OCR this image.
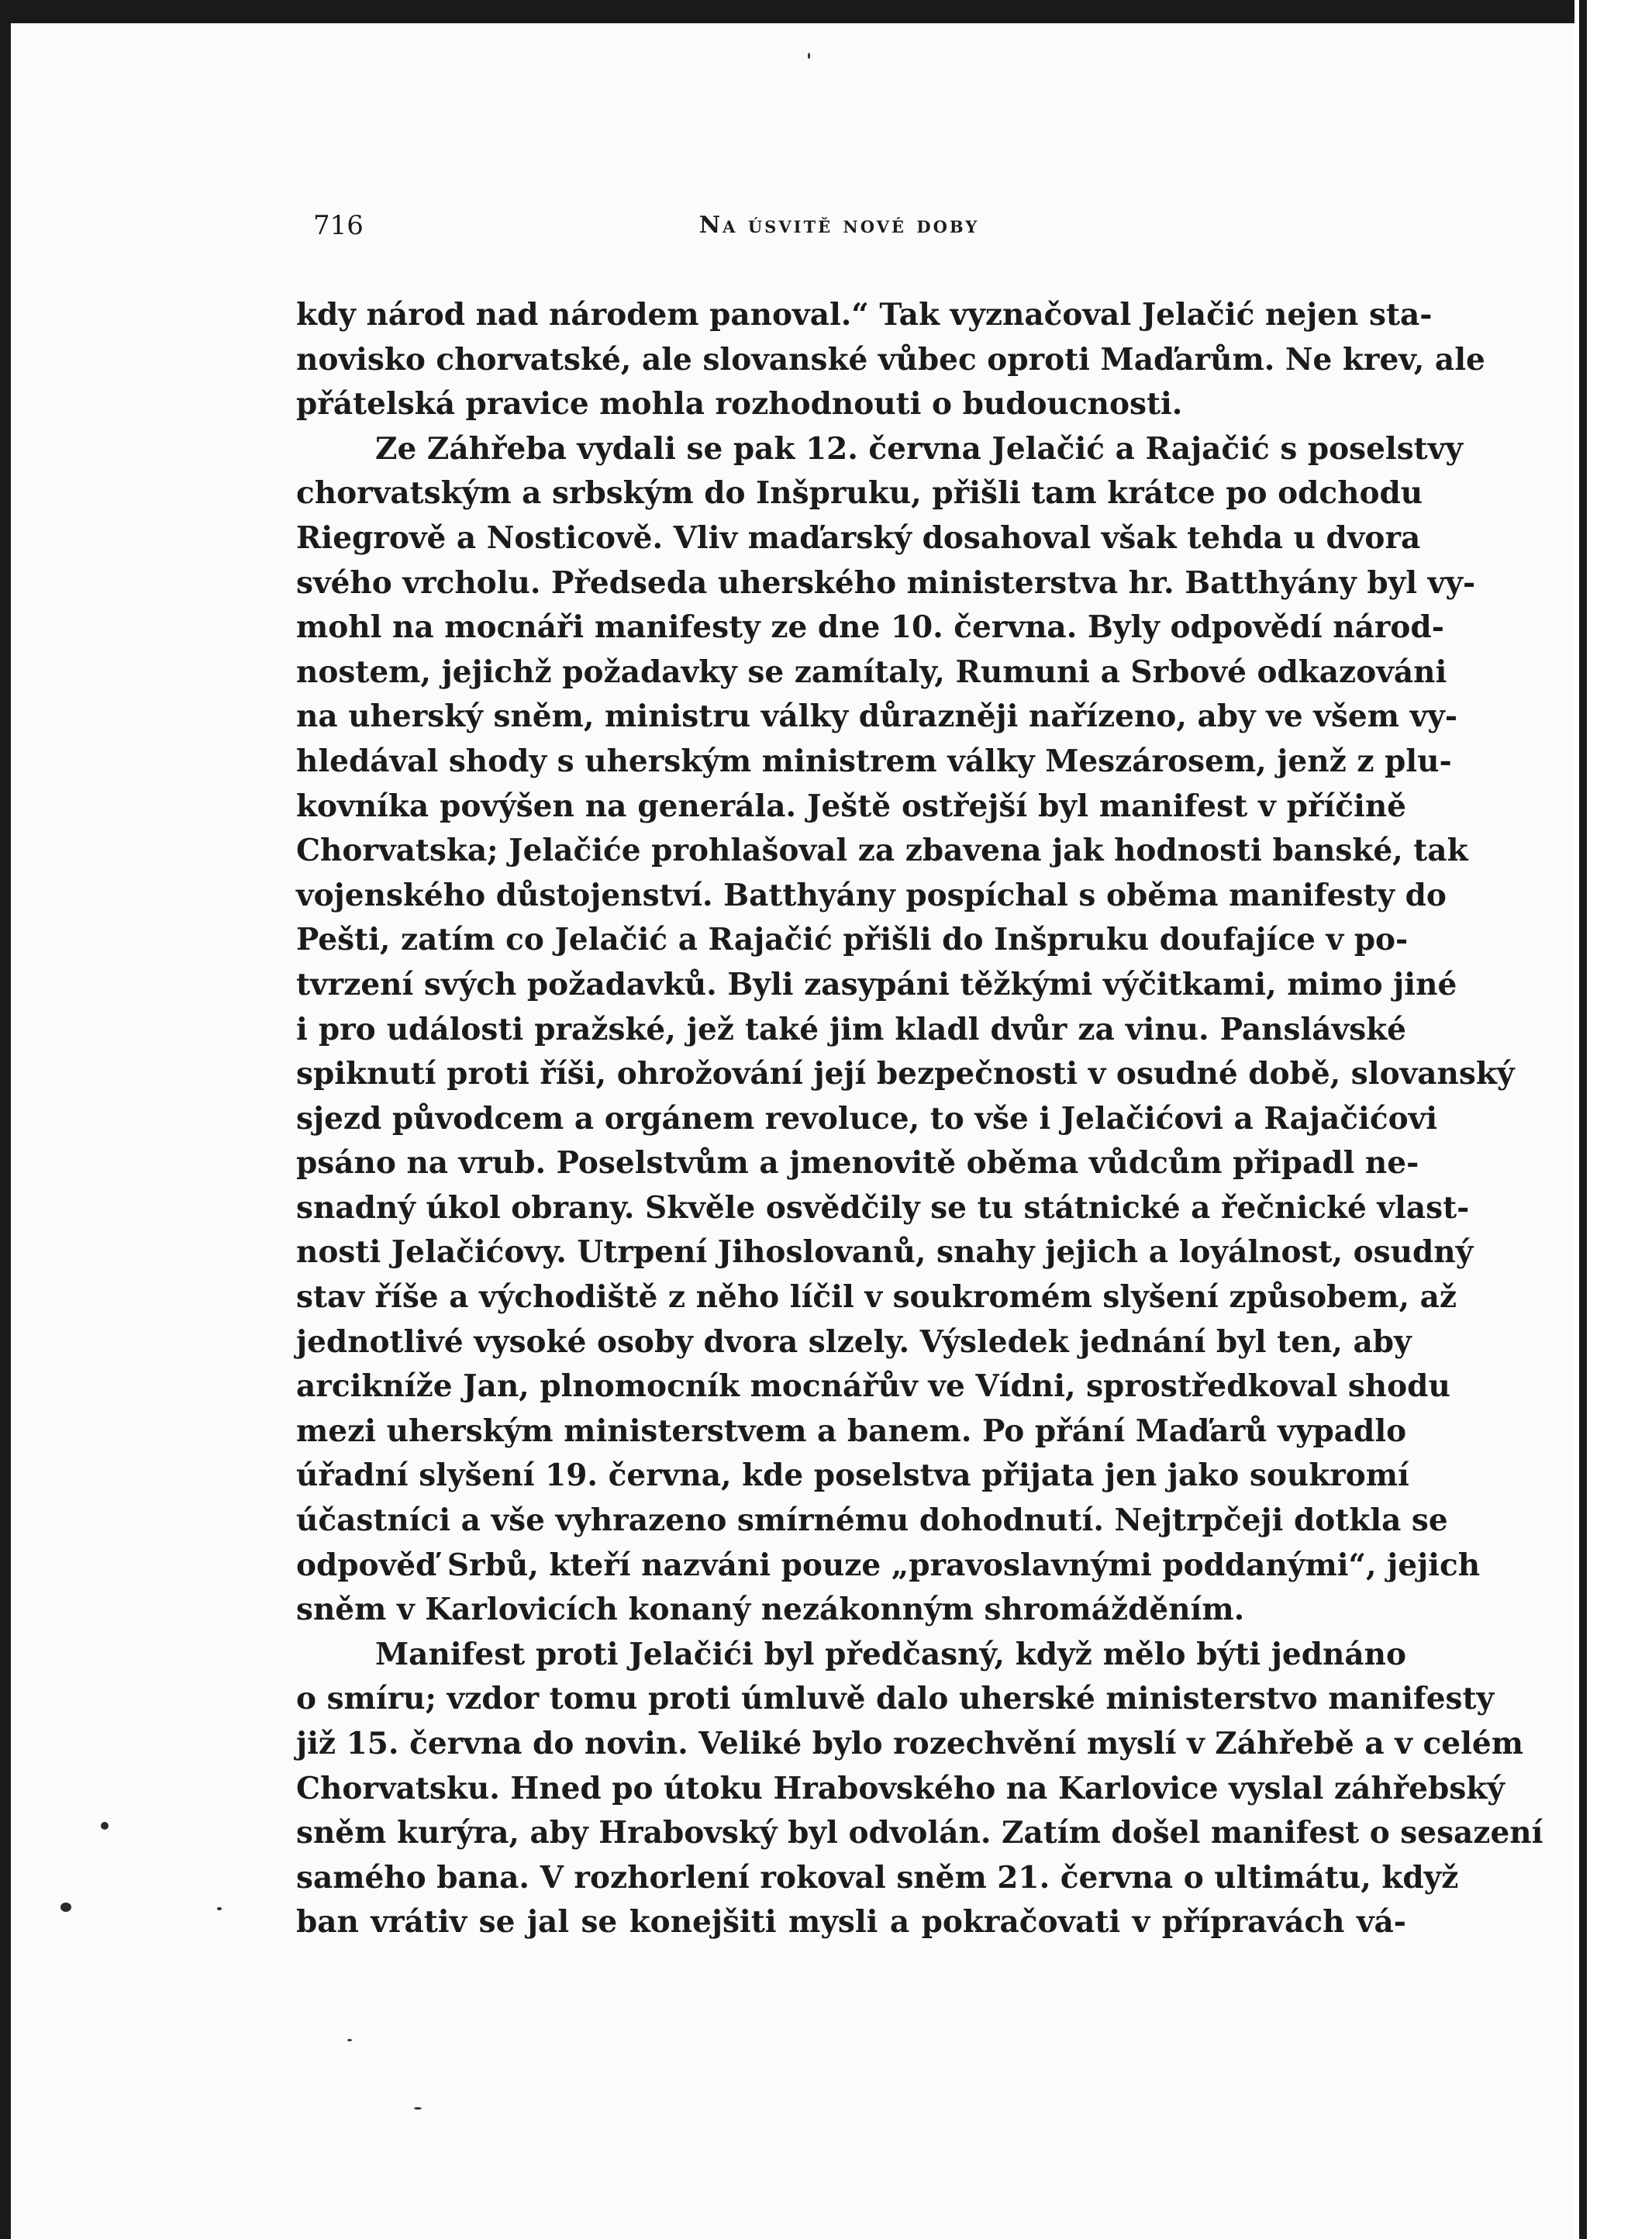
716	Na úsvitě nové doby
kdy národ nad národem panoval.“ Tak vyznačoval Jelačić nejen sta-
novisko chorvatské, ale slovanské vůbec oproti Maďarům. Ne krev, ale
přátelská pravice mohla rozhodnouti o budoucnosti.
Ze Záhřeba vydali se pak 12. června Jelačić a Rajačić s poselstvy
chorvatským a srbským do Inšpruku, přišli tam krátce po odchodu
Riegrově a Nosticově. Vliv maďarský dosahoval však tehda u dvora
svého vrcholu. Předseda uherského ministerstva hr. Batthyány byl vy-
mohl na mocnáři manifesty ze dne 10. června. Byly odpovědí národ-
nostem, jejichž požadavky se zamítaly, Rumuni a Srbové odkazováni
na uherský sněm, ministru války důrazněji nařízeno, aby ve všem vy-
hledával shody s uherským ministrem války Meszárosem, jenž z plu-
kovníka povýšen na generála. Ještě ostřejší byl manifest v příčině
Chorvatska; Jelačiće prohlašoval za zbavena jak hodnosti banské, tak
vojenského důstojenství. Batthyány pospíchal s oběma manifesty do
Pešti, zatím co Jelačić a Rajačić přišli do Inšpruku doufajíce v po-
tvrzení svých požadavků. Byli zasypáni těžkými výčitkami, mimo jiné
i pro události pražské, jež také jim kladl dvůr za vinu. Panslávské
spiknutí proti říši, ohrožování její bezpečnosti v osudné době, slovanský
sjezd původcem a orgánem revoluce, to vše i Jelačićovi a Rajačićovi
psáno na vrub. Poselstvům a jmenovitě oběma vůdcům připadl ne-
snadný úkol obrany. Skvěle osvědčily se tu státnické a řečnické vlast-
nosti Jelačićovy. Utrpení Jihoslovanů, snahy jejich a loyálnost, osudný
stav říše a východiště z něho líčil v soukromém slyšení způsobem, až
jednotlivé vysoké osoby dvora slzely. Výsledek jednání byl ten, aby
arcikníže Jan, plnomocník mocnářův ve Vídni, sprostředkoval shodu
mezi uherským ministerstvem a banem. Po přání Maďarů vypadlo
úřadní slyšení 19. června, kde poselstva přijata jen jako soukromí
účastníci a vše vyhrazeno smírnému dohodnutí. Nejtrpčeji dotkla se
odpověď Srbů, kteří nazváni pouze „pravoslavnými poddanými“, jejich
sněm v Karlovicích konaný nezákonným shromážděním.
Manifest proti Jelačići byl předčasný, když mělo býti jednáno
o smíru; vzdor tomu proti úmluvě dalo uherské ministerstvo manifesty
již 15. června do novin. Veliké bylo rozechvění myslí v Záhřebě a v celém
Chorvatsku. Hned po útoku Hrabovského na Karlovice vyslal záhřebský
sněm kurýra, aby Hrabovský byl odvolán. Zatím došel manifest o sesazení
samého bana. V rozhorlení rokoval sněm 21. června o ultimátu, když
ban vrátiv se jal se konejšiti mysli a pokračovati v přípravách vá-
